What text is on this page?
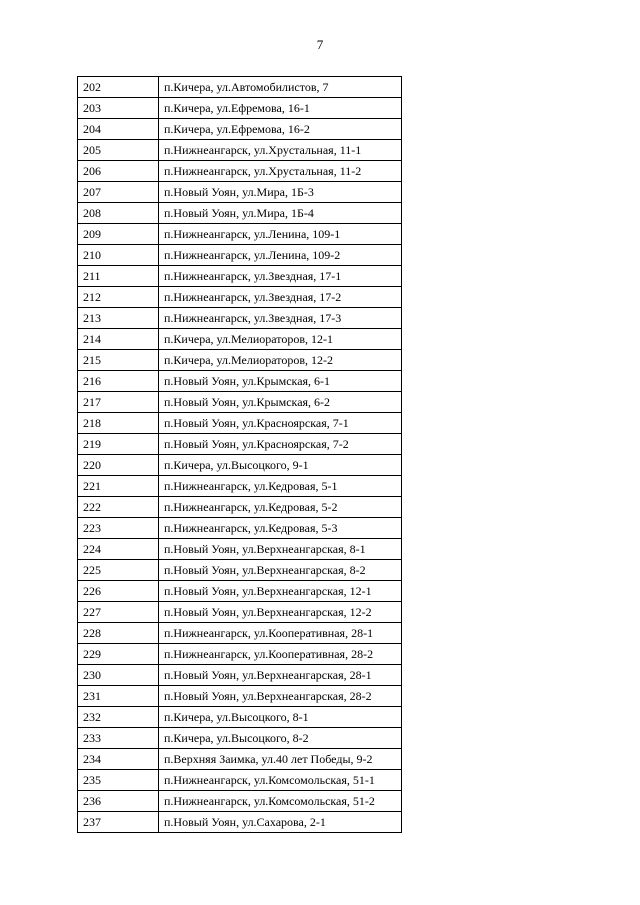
7
202	п.Кичера, ул.Автомобилистов, 7
203	п.Кичера, ул.Ефремова, 16-1
204	п.Кичера, ул.Ефремова, 16-2
205	п.Нижнеангарск, ул.Хрустальная, 11-1
206	п.Нижнеангарск, ул.Хрустальная, 11-2
207	п.Новый Уоян, ул.Мира, 1Б-3
208	п.Новый Уоян, ул.Мира, 1Б-4
209	п.Нижнеангарск, ул.Ленина, 109-1
210	п.Нижнеангарск, ул.Ленина, 109-2
211	п.Нижнеангарск, ул.Звездная, 17-1
212	п.Нижнеангарск, ул.Звездная, 17-2
213	п.Нижнеангарск, ул.Звездная, 17-3
214	п.Кичера, ул.Мелиораторов, 12-1
215	п.Кичера, ул.Мелиораторов, 12-2
216	п.Новый Уоян, ул.Крымская, 6-1
217	п.Новый Уоян, ул.Крымская, 6-2
218	п.Новый Уоян, ул.Красноярская, 7-1
219	п.Новый Уоян, ул.Красноярская, 7-2
220	п.Кичера, ул.Высоцкого, 9-1
221	п.Нижнеангарск, ул.Кедровая, 5-1
222	п.Нижнеангарск, ул.Кедровая, 5-2
223	п.Нижнеангарск, ул.Кедровая, 5-3
224	п.Новый Уоян, ул.Верхнеангарская, 8-1
225	п.Новый Уоян, ул.Верхнеангарская, 8-2
226	п.Новый Уоян, ул.Верхнеангарская, 12-1
227	п.Новый Уоян, ул.Верхнеангарская, 12-2
228	п.Нижнеангарск, ул.Кооперативная, 28-1
229	п.Нижнеангарск, ул.Кооперативная, 28-2
230	п.Новый Уоян, ул.Верхнеангарская, 28-1
231	п.Новый Уоян, ул.Верхнеангарская, 28-2
232	п.Кичера, ул.Высоцкого, 8-1
233	п.Кичера, ул.Высоцкого, 8-2
234	п.Верхняя Заимка, ул.40 лет Победы, 9-2
235	п.Нижнеангарск, ул.Комсомольская, 51-1
236	п.Нижнеангарск, ул.Комсомольская, 51-2
237	п.Новый Уоян, ул.Сахарова, 2-1
